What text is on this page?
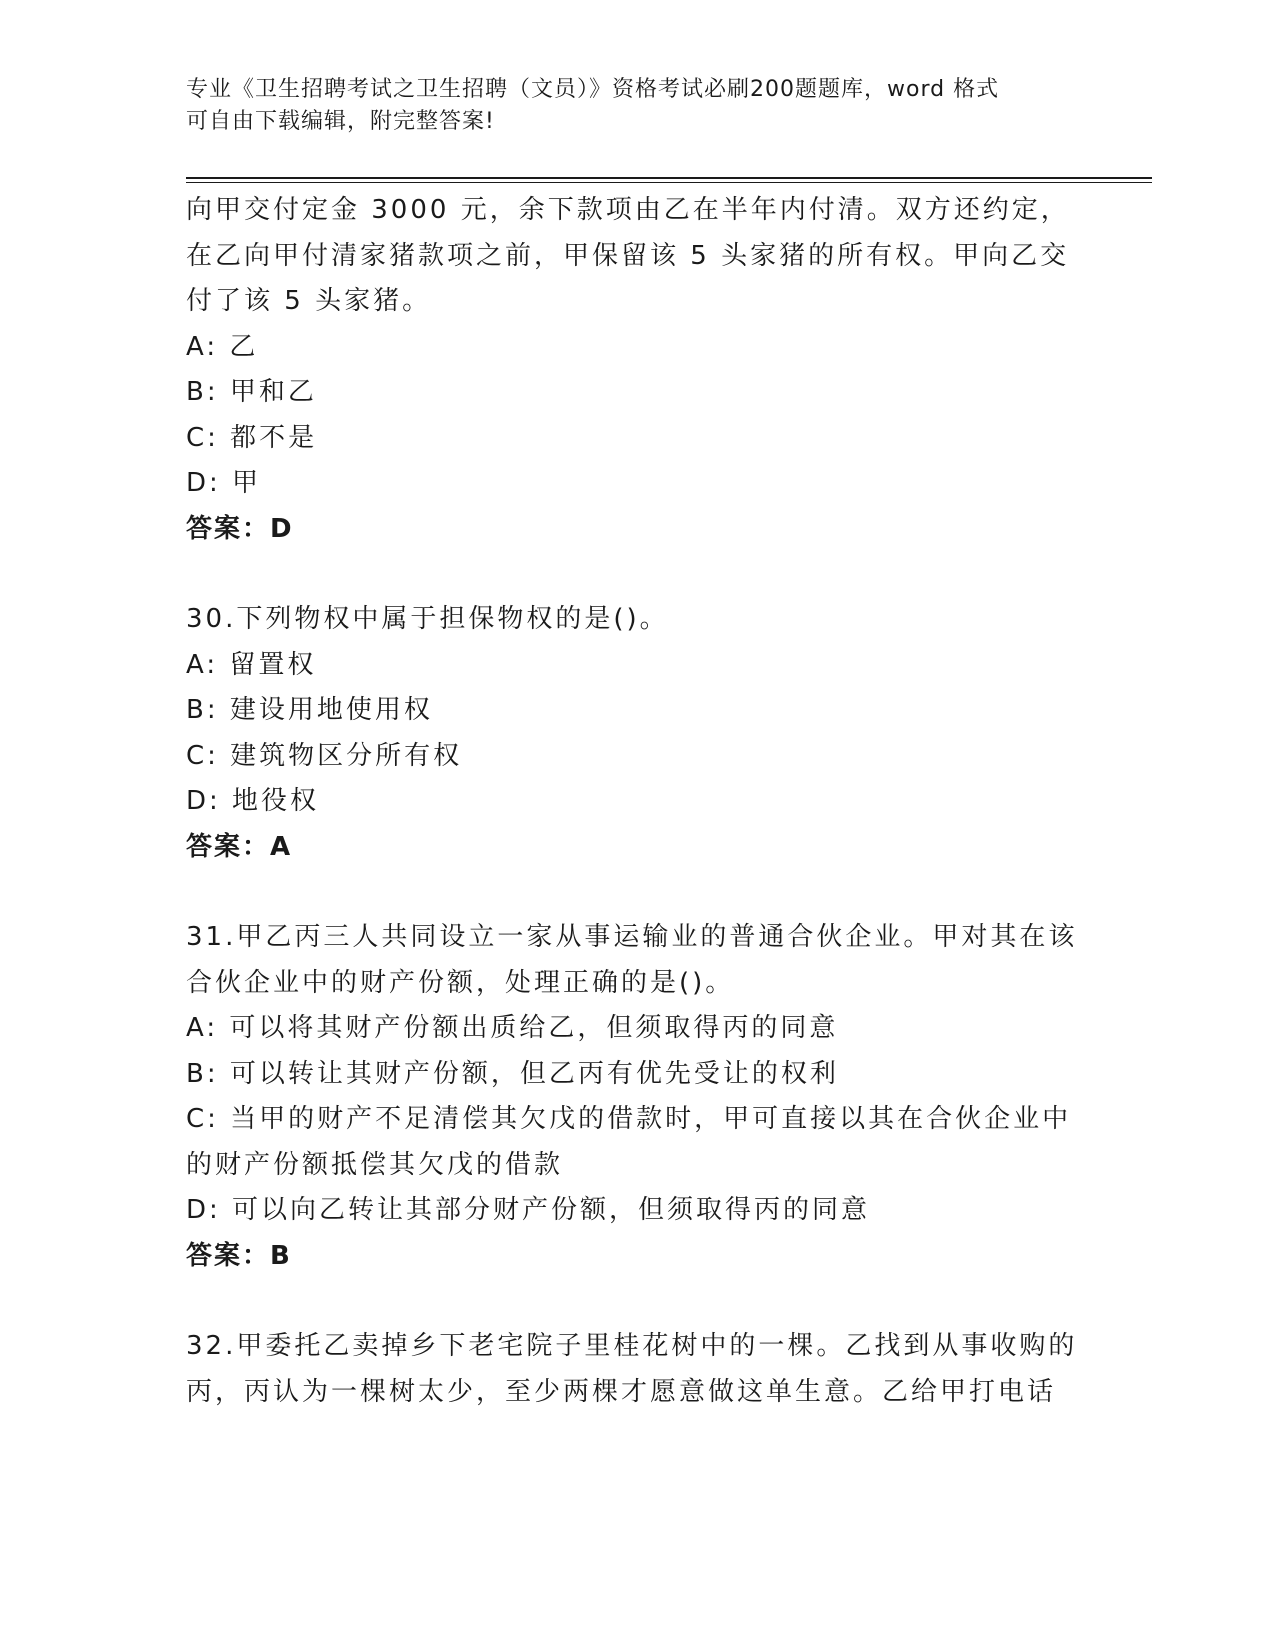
专业《卫生招聘考试之卫生招聘（文员）》资格考试必刷200题题库，word 格式
可自由下载编辑，附完整答案!

向甲交付定金 3000 元，余下款项由乙在半年内付清。双方还约定，在乙向甲付清家猪款项之前，甲保留该 5 头家猪的所有权。甲向乙交付了该 5 头家猪。

A: 乙

B: 甲和乙

C: 都不是

D: 甲

答案：D

30.下列物权中属于担保物权的是()。

A: 留置权

B: 建设用地使用权

C: 建筑物区分所有权

D: 地役权

答案：A

31.甲乙丙三人共同设立一家从事运输业的普通合伙企业。甲对其在该合伙企业中的财产份额，处理正确的是()。

A: 可以将其财产份额出质给乙，但须取得丙的同意

B: 可以转让其财产份额，但乙丙有优先受让的权利

C: 当甲的财产不足清偿其欠戊的借款时，甲可直接以其在合伙企业中的财产份额抵偿其欠戊的借款

D: 可以向乙转让其部分财产份额，但须取得丙的同意

答案：B

32.甲委托乙卖掉乡下老宅院子里桂花树中的一棵。乙找到从事收购的丙，丙认为一棵树太少，至少两棵才愿意做这单生意。乙给甲打电话
